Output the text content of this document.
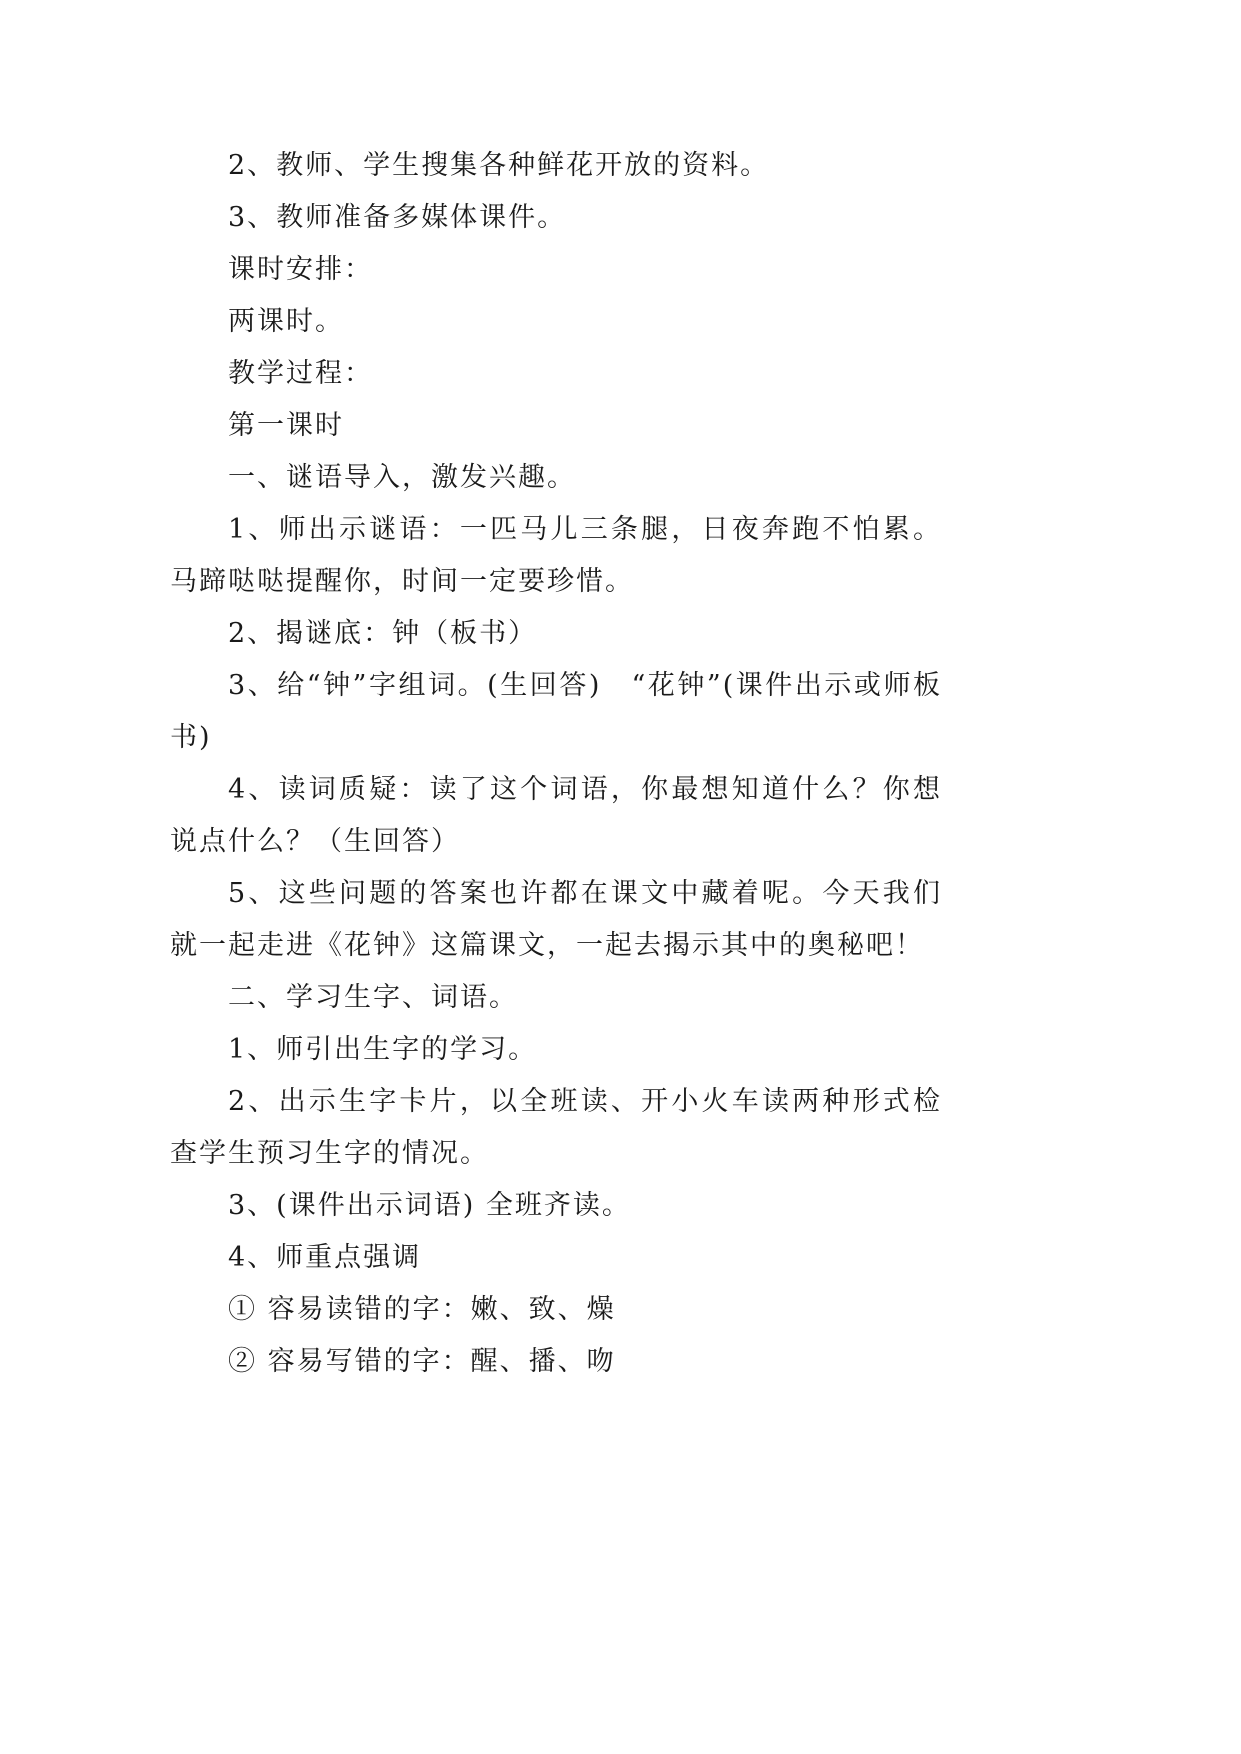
2、教师、学生搜集各种鲜花开放的资料。

3、教师准备多媒体课件。

课时安排：

两课时。

教学过程：

第一课时

一、谜语导入，激发兴趣。

1、师出示谜语：一匹马儿三条腿，日夜奔跑不怕累。马蹄哒哒提醒你，时间一定要珍惜。

2、揭谜底：钟（板书）

3、给“钟”字组词。(生回答)　“花钟”(课件出示或师板书)

4、读词质疑：读了这个词语，你最想知道什么？你想说点什么？（生回答）

5、这些问题的答案也许都在课文中藏着呢。今天我们就一起走进《花钟》这篇课文，一起去揭示其中的奥秘吧！

二、学习生字、词语。

1、师引出生字的学习。

2、出示生字卡片，以全班读、开小火车读两种形式检查学生预习生字的情况。

3、(课件出示词语) 全班齐读。

4、师重点强调

① 容易读错的字：嫩、致、燥

② 容易写错的字：醒、播、吻
